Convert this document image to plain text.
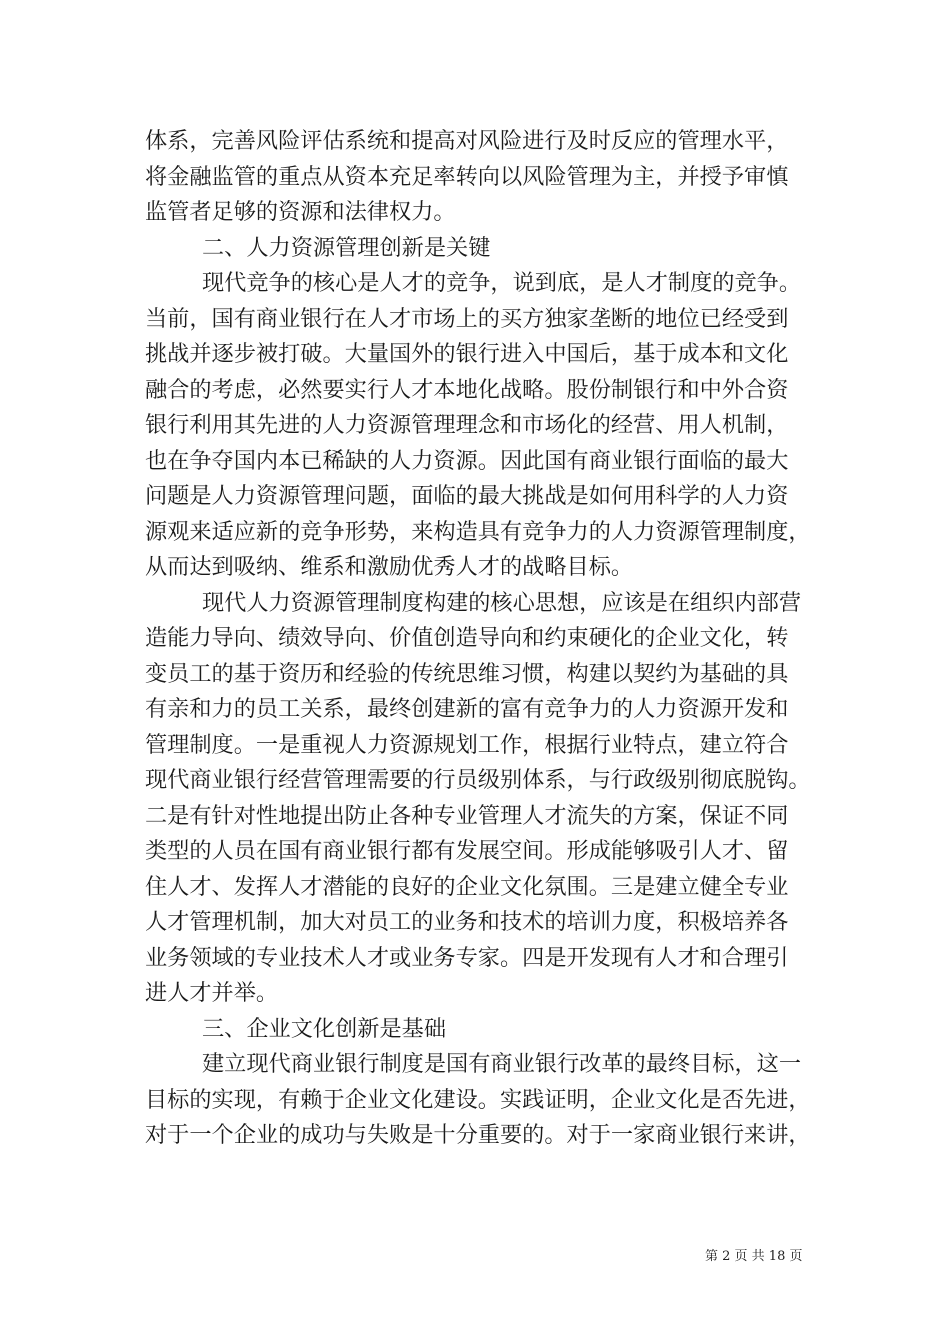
体系，完善风险评估系统和提高对风险进行及时反应的管理水平，
将金融监管的重点从资本充足率转向以风险管理为主，并授予审慎
监管者足够的资源和法律权力。
二、人力资源管理创新是关键
现代竞争的核心是人才的竞争，说到底，是人才制度的竞争。
当前，国有商业银行在人才市场上的买方独家垄断的地位已经受到
挑战并逐步被打破。大量国外的银行进入中国后，基于成本和文化
融合的考虑，必然要实行人才本地化战略。股份制银行和中外合资
银行利用其先进的人力资源管理理念和市场化的经营、用人机制，
也在争夺国内本已稀缺的人力资源。因此国有商业银行面临的最大
问题是人力资源管理问题，面临的最大挑战是如何用科学的人力资
源观来适应新的竞争形势，来构造具有竞争力的人力资源管理制度，
从而达到吸纳、维系和激励优秀人才的战略目标。
现代人力资源管理制度构建的核心思想，应该是在组织内部营
造能力导向、绩效导向、价值创造导向和约束硬化的企业文化，转
变员工的基于资历和经验的传统思维习惯，构建以契约为基础的具
有亲和力的员工关系，最终创建新的富有竞争力的人力资源开发和
管理制度。一是重视人力资源规划工作，根据行业特点，建立符合
现代商业银行经营管理需要的行员级别体系，与行政级别彻底脱钩。
二是有针对性地提出防止各种专业管理人才流失的方案，保证不同
类型的人员在国有商业银行都有发展空间。形成能够吸引人才、留
住人才、发挥人才潜能的良好的企业文化氛围。三是建立健全专业
人才管理机制，加大对员工的业务和技术的培训力度，积极培养各
业务领域的专业技术人才或业务专家。四是开发现有人才和合理引
进人才并举。
三、企业文化创新是基础
建立现代商业银行制度是国有商业银行改革的最终目标，这一
目标的实现，有赖于企业文化建设。实践证明，企业文化是否先进，
对于一个企业的成功与失败是十分重要的。对于一家商业银行来讲，
第 2 页 共 18 页
